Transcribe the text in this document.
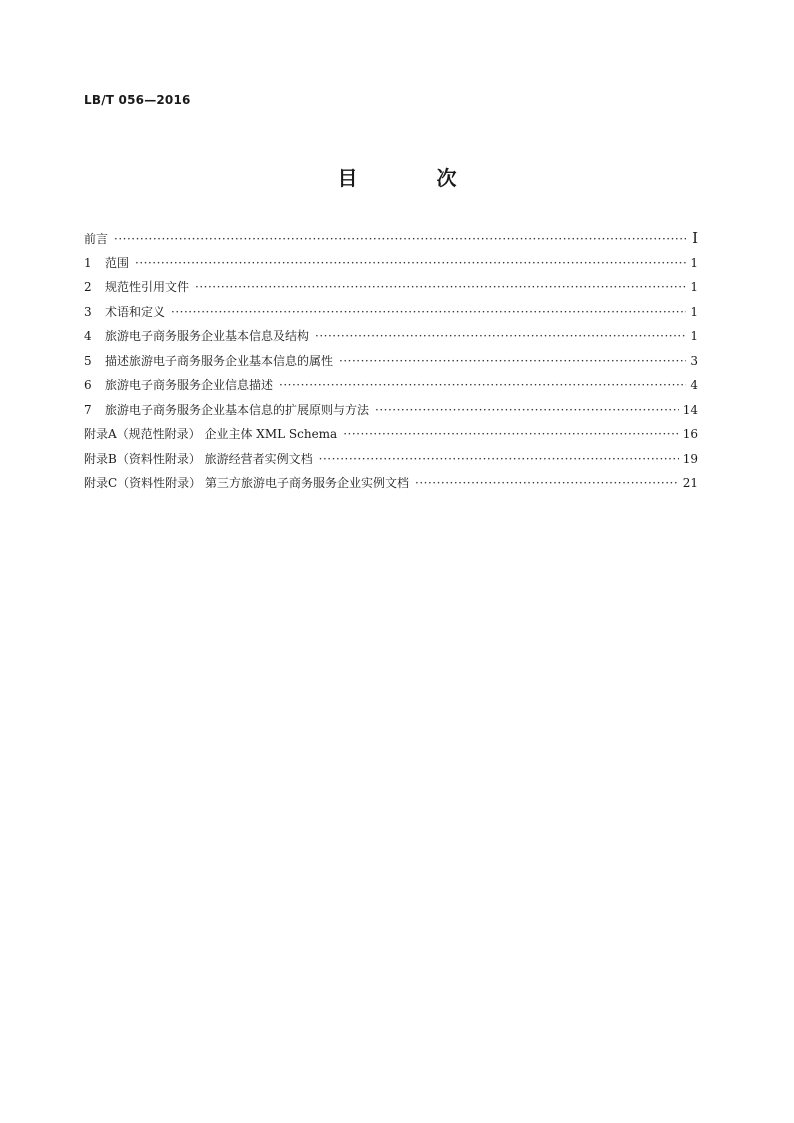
LB/T 056—2016
目 次
前言 ·····	I
1	范围 ·····	1
2	规范性引用文件 ·····	1
3	术语和定义 ·····	1
4	旅游电子商务服务企业基本信息及结构 ·····	1
5	描述旅游电子商务服务企业基本信息的属性 ·····	3
6	旅游电子商务服务企业信息描述 ·····	4
7	旅游电子商务服务企业基本信息的扩展原则与方法 ·····	14
附录A（规范性附录） 企业主体 XML Schema ·····	16
附录B（资料性附录） 旅游经营者实例文档 ·····	19
附录C（资料性附录） 第三方旅游电子商务服务企业实例文档 ·····	21
